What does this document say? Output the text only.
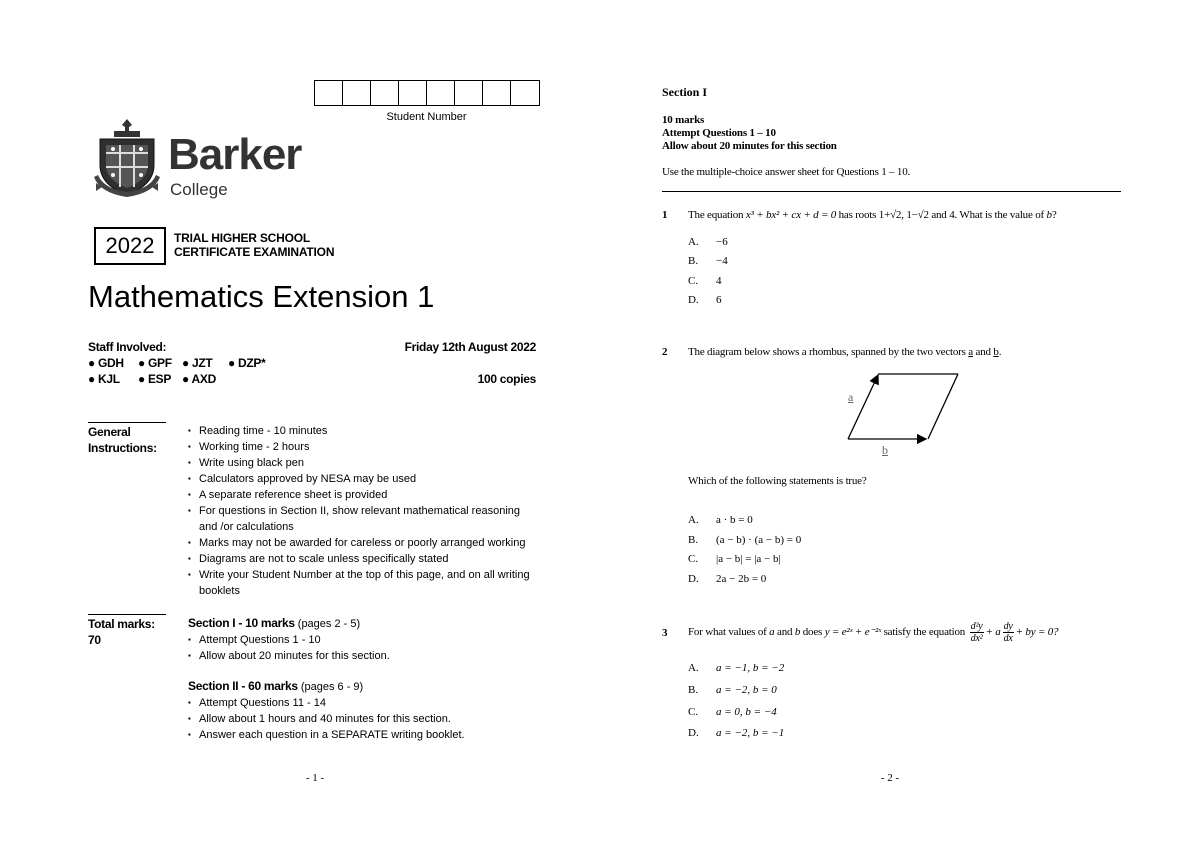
Student Number
Barker
College
2022	TRIAL HIGHER SCHOOL
CERTIFICATE EXAMINATION
Mathematics Extension 1
Staff Involved:	Friday 12th August 2022
● GDH	● GPF ● JZT	● DZP*
● KJL	● ESP ● AXD	100 copies
General
Instructions:
▪ Reading time - 10 minutes
▪ Working time - 2 hours
▪ Write using black pen
▪ Calculators approved by NESA may be used
▪ A separate reference sheet is provided
▪ For questions in Section II, show relevant mathematical reasoning and /or calculations
▪ Marks may not be awarded for careless or poorly arranged working
▪ Diagrams are not to scale unless specifically stated
▪ Write your Student Number at the top of this page, and on all writing booklets
Total marks:
70
Section I - 10 marks (pages 2 - 5)
▪ Attempt Questions 1 - 10
▪ Allow about 20 minutes for this section.
Section II - 60 marks (pages 6 - 9)
▪ Attempt Questions 11 - 14
▪ Allow about 1 hours and 40 minutes for this section.
▪ Answer each question in a SEPARATE writing booklet.
- 1 -
Section I
10 marks
Attempt Questions 1 – 10
Allow about 20 minutes for this section
Use the multiple-choice answer sheet for Questions 1 – 10.
1 The equation x³ + bx² + cx + d = 0 has roots 1+√2, 1−√2 and 4. What is the value of b?
A.	−6
B.	−4
C.	4
D.	6
2 The diagram below shows a rhombus, spanned by the two vectors a and b.
a
b
Which of the following statements is true?
A.	a · b = 0
B.	(a − b) · (a − b) = 0
C.	|a − b| = |a − b|
D.	2a − 2b = 0
3 For what values of a and b does y = e²ˣ + e⁻²ˣ satisfy the equation $\frac{\text{d²y}}{\text{dx²}} + a \frac{dy}{dx}$ + by = 0?
A.	a = −1, b = −2
B.	a = −2, b = 0
C.	a = 0, b = −4
D.	a = −2, b = −1
- 2 -
